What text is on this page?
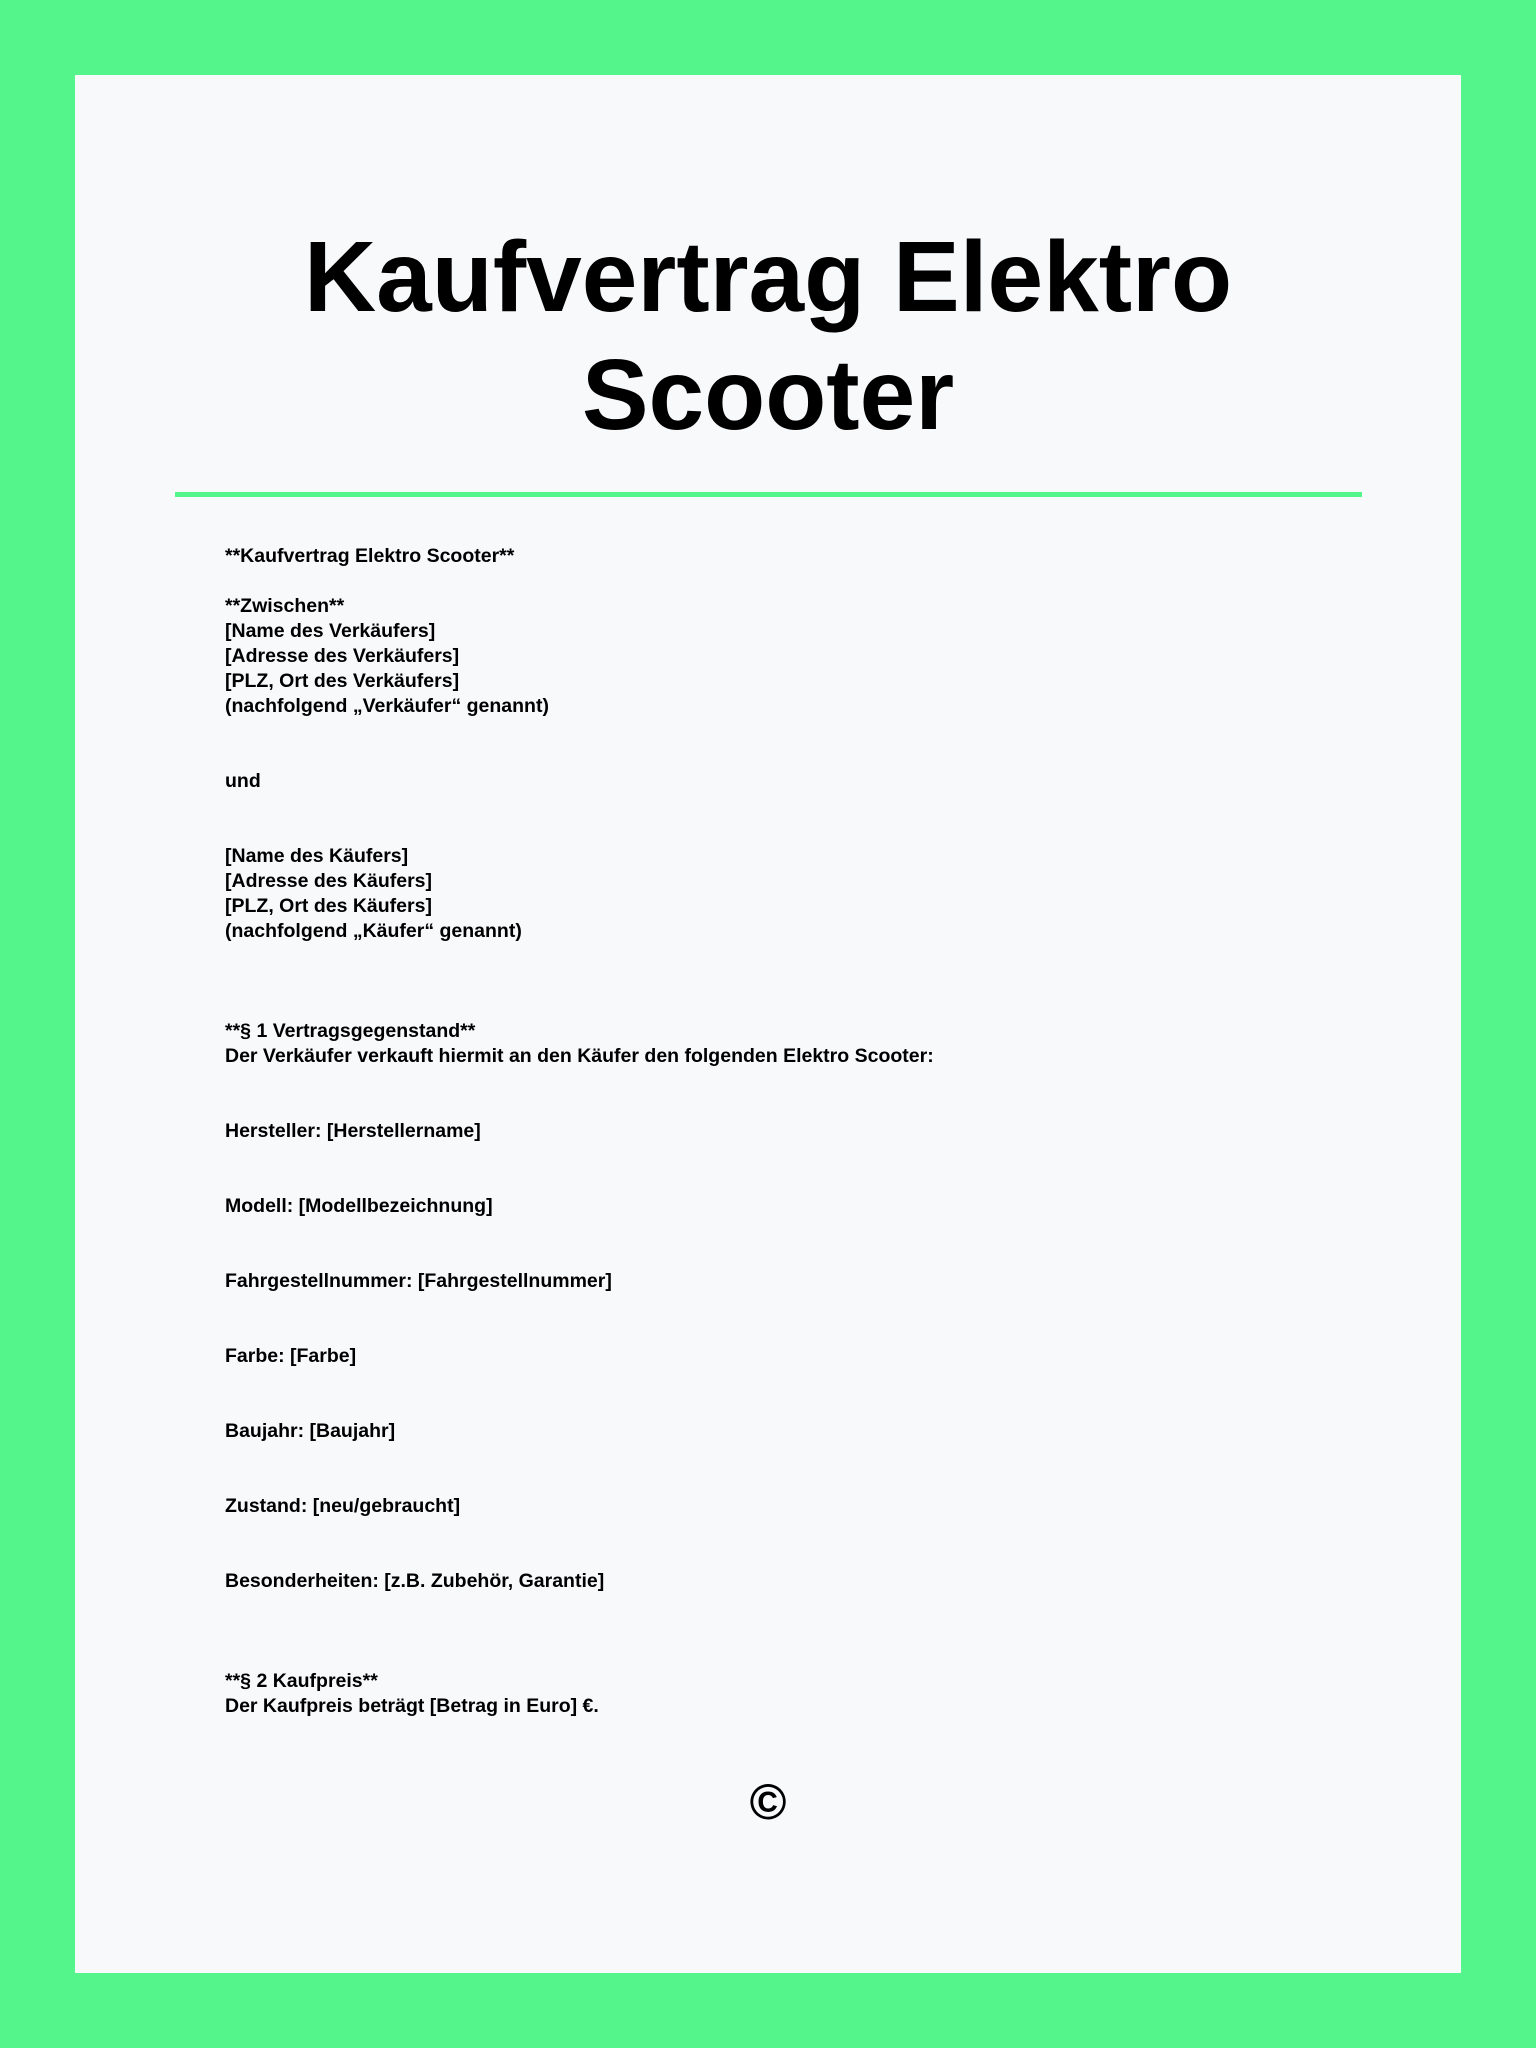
Kaufvertrag Elektro
Scooter
**Kaufvertrag Elektro Scooter**
**Zwischen**
[Name des Verkäufers]
[Adresse des Verkäufers]
[PLZ, Ort des Verkäufers]
(nachfolgend „Verkäufer“ genannt)
und
[Name des Käufers]
[Adresse des Käufers]
[PLZ, Ort des Käufers]
(nachfolgend „Käufer“ genannt)
**§ 1 Vertragsgegenstand**
Der Verkäufer verkauft hiermit an den Käufer den folgenden Elektro Scooter:
Hersteller: [Herstellername]
Modell: [Modellbezeichnung]
Fahrgestellnummer: [Fahrgestellnummer]
Farbe: [Farbe]
Baujahr: [Baujahr]
Zustand: [neu/gebraucht]
Besonderheiten: [z.B. Zubehör, Garantie]
**§ 2 Kaufpreis**
Der Kaufpreis beträgt [Betrag in Euro] €.
©
